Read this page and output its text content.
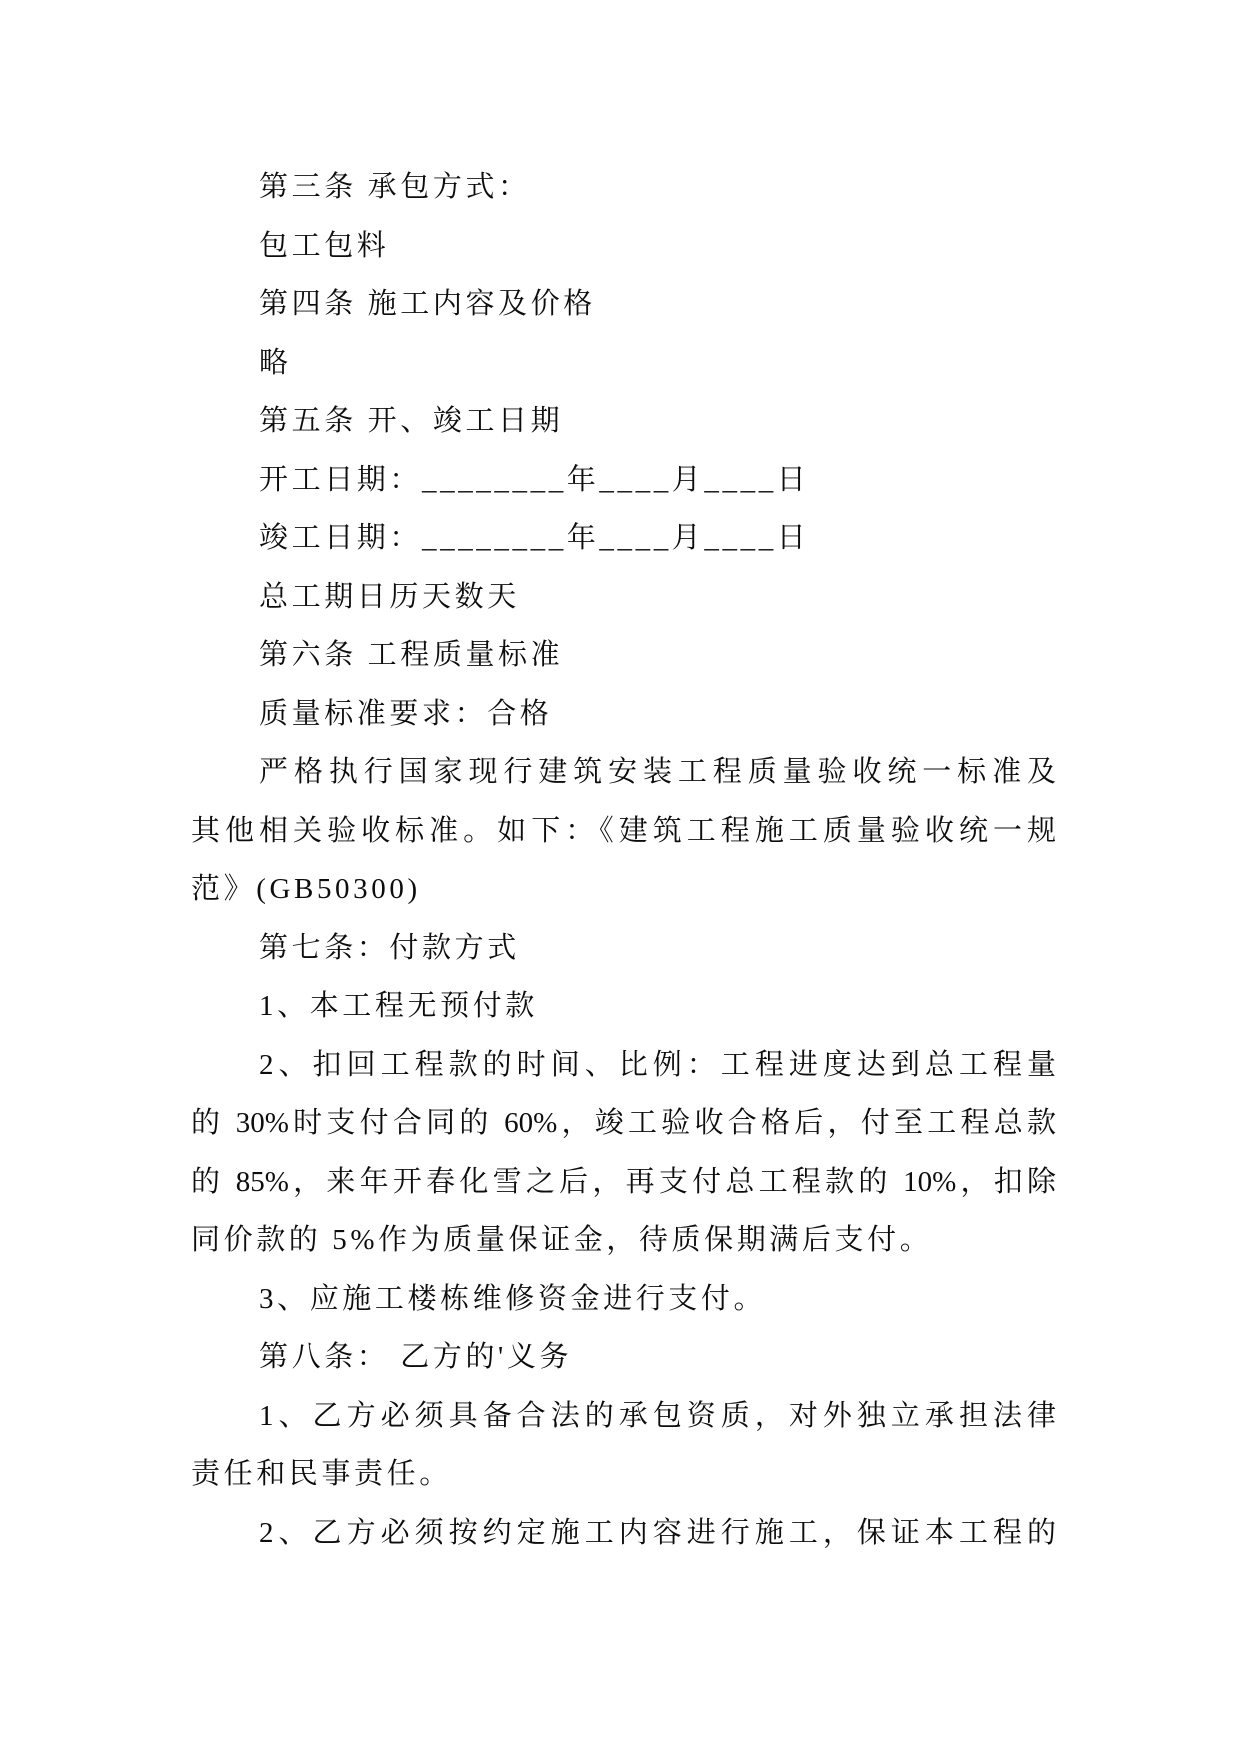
第三条 承包方式：
包工包料
第四条 施工内容及价格
略
第五条 开、竣工日期
开工日期：________年____月____日
竣工日期：________年____月____日
总工期日历天数天
第六条 工程质量标准
质量标准要求：合格
严格执行国家现行建筑安装工程质量验收统一标准及
其他相关验收标准。如下：《建筑工程施工质量验收统一规
范》(GB50300)
第七条：付款方式
1、本工程无预付款
2、扣回工程款的时间、比例：工程进度达到总工程量
的 30%时支付合同的 60%，竣工验收合格后，付至工程总款
的 85%，来年开春化雪之后，再支付总工程款的 10%，扣除
同价款的 5%作为质量保证金，待质保期满后支付。
3、应施工楼栋维修资金进行支付。
第八条： 乙方的'义务
1、乙方必须具备合法的承包资质，对外独立承担法律
责任和民事责任。
2、乙方必须按约定施工内容进行施工，保证本工程的
